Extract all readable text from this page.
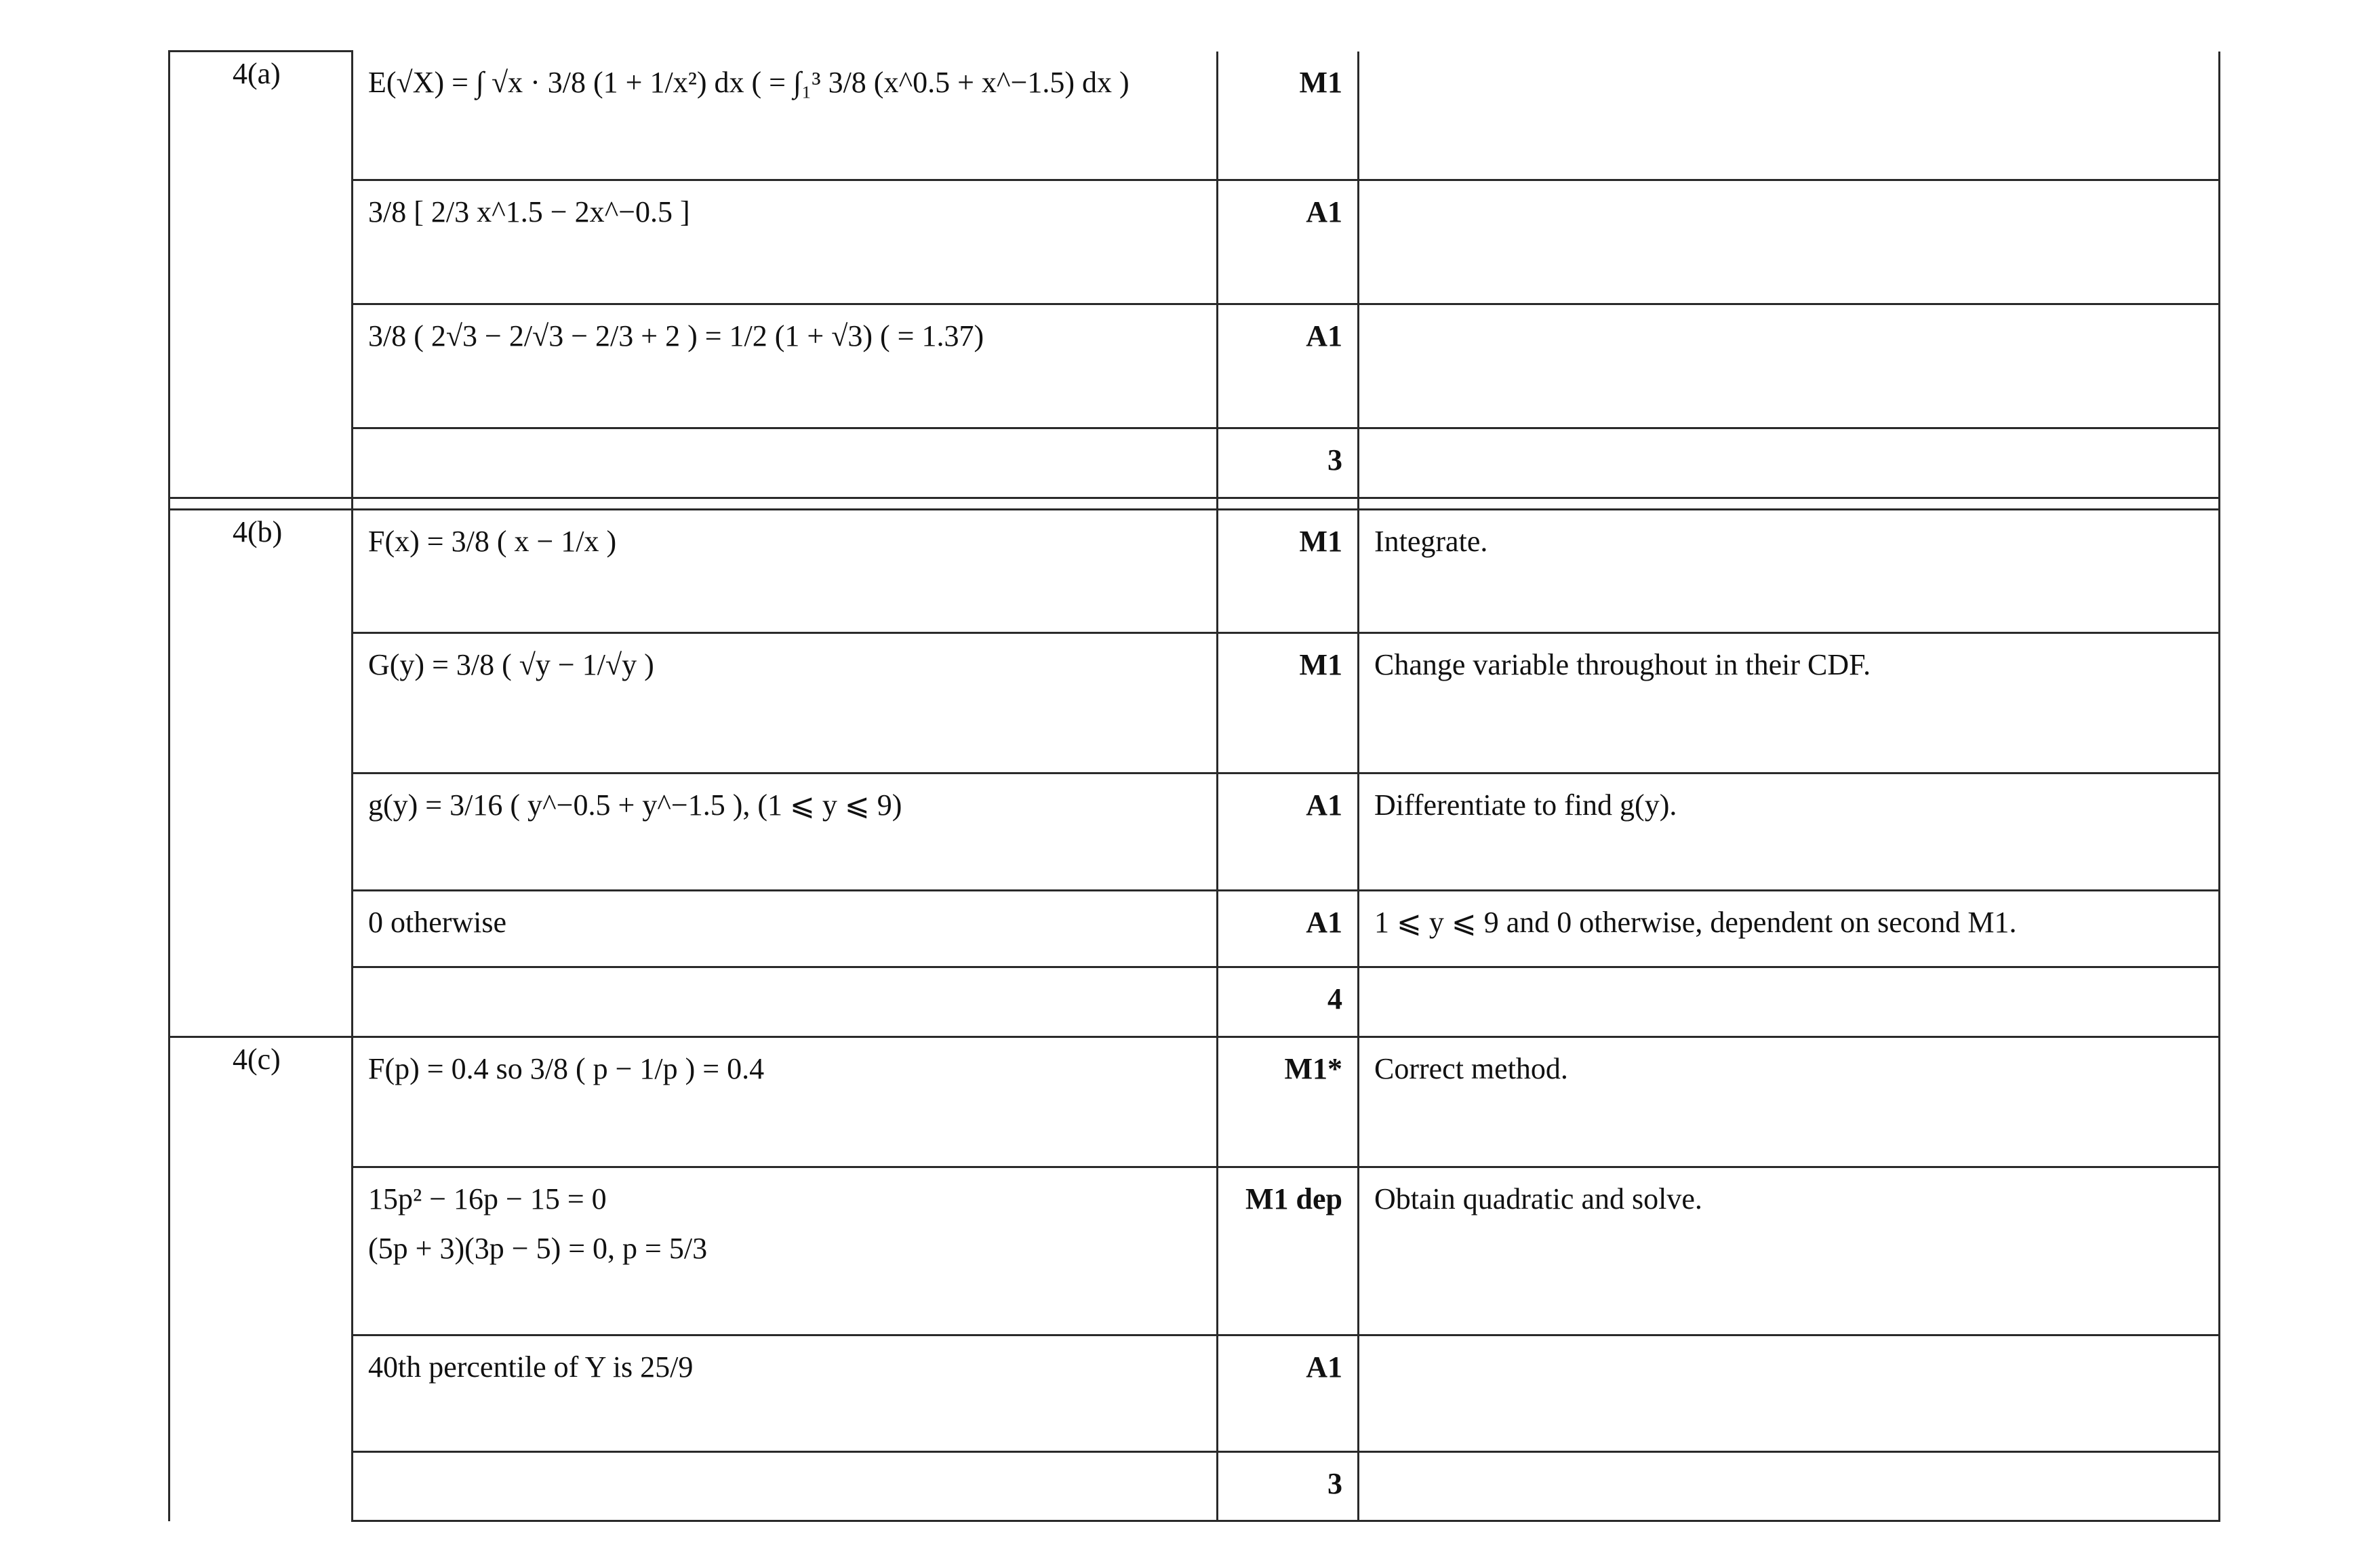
4(a)	E(√X) = ∫ √x · 3/8 (1 + 1/x²) dx ( = ∫₁³ 3/8 (x^0.5 + x^−1.5) dx )	M1	

	3/8 [ 2/3 x^1.5 − 2x^−0.5 ]	A1	

	3/8 ( 2√3 − 2/√3 − 2/3 + 2 ) = 1/2 (1 + √3) ( = 1.37)	A1	

		3	

4(b)	F(x) = 3/8 ( x − 1/x )	M1	Integrate.

	G(y) = 3/8 ( √y − 1/√y )	M1	Change variable throughout in their CDF.

	g(y) = 3/16 ( y^−0.5 + y^−1.5 ), (1 ⩽ y ⩽ 9)	A1	Differentiate to find g(y).

	0 otherwise	A1	1 ⩽ y ⩽ 9 and 0 otherwise, dependent on second M1.

		4	
4(c)	F(p) = 0.4 so 3/8 ( p − 1/p ) = 0.4	M1*	Correct method.

	15p² − 16p − 15 = 0
(5p + 3)(3p − 5) = 0, p = 5/3	M1 dep	Obtain quadratic and solve.

	40th percentile of Y is 25/9	A1	

		3	
